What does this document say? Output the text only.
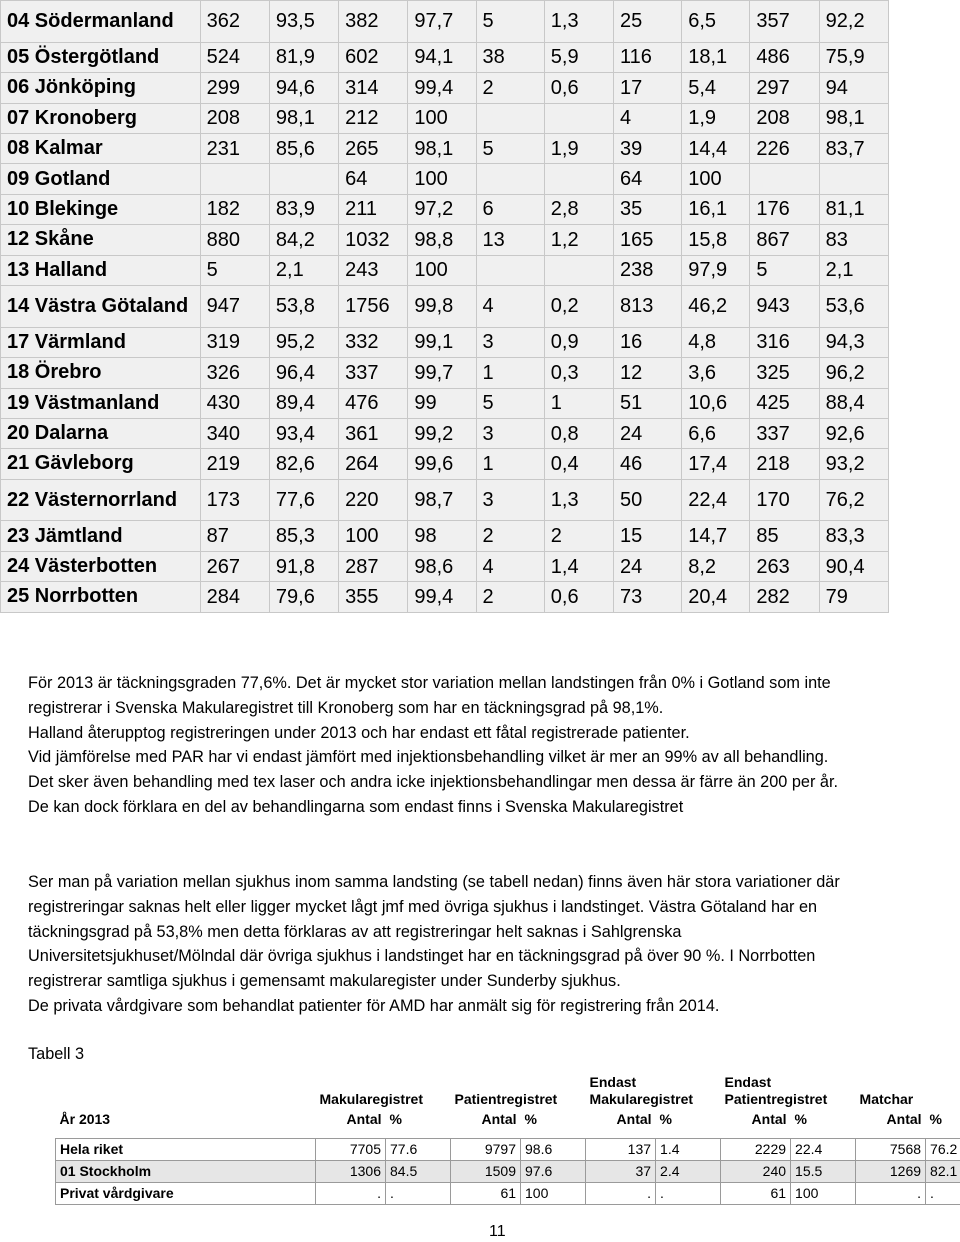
04 Södermanland	362	93,5	382	97,7	5	1,3	25	6,5	357	92,2
05 Östergötland	524	81,9	602	94,1	38	5,9	116	18,1	486	75,9
06 Jönköping	299	94,6	314	99,4	2	0,6	17	5,4	297	94
07 Kronoberg	208	98,1	212	100			4	1,9	208	98,1
08 Kalmar	231	85,6	265	98,1	5	1,9	39	14,4	226	83,7
09 Gotland			64	100			64	100		
10 Blekinge	182	83,9	211	97,2	6	2,8	35	16,1	176	81,1
12 Skåne	880	84,2	1032	98,8	13	1,2	165	15,8	867	83
13 Halland	5	2,1	243	100			238	97,9	5	2,1
14 Västra Götaland	947	53,8	1756	99,8	4	0,2	813	46,2	943	53,6
17 Värmland	319	95,2	332	99,1	3	0,9	16	4,8	316	94,3
18 Örebro	326	96,4	337	99,7	1	0,3	12	3,6	325	96,2
19 Västmanland	430	89,4	476	99	5	1	51	10,6	425	88,4
20 Dalarna	340	93,4	361	99,2	3	0,8	24	6,6	337	92,6
21 Gävleborg	219	82,6	264	99,6	1	0,4	46	17,4	218	93,2
22 Västernorrland	173	77,6	220	98,7	3	1,3	50	22,4	170	76,2
23 Jämtland	87	85,3	100	98	2	2	15	14,7	85	83,3
24 Västerbotten	267	91,8	287	98,6	4	1,4	24	8,2	263	90,4
25 Norrbotten	284	79,6	355	99,4	2	0,6	73	20,4	282	79
För 2013 är täckningsgraden 77,6%. Det är mycket stor variation mellan landstingen från 0% i Gotland som inte
registrerar i Svenska Makularegistret till Kronoberg som har en täckningsgrad på 98,1%.
Halland återupptog registreringen under 2013 och har endast ett fåtal registrerade patienter.
Vid jämförelse med PAR har vi endast jämfört med injektionsbehandling vilket är mer an 99% av all behandling.
Det sker även behandling med tex laser och andra icke injektionsbehandlingar men dessa är färre än 200 per år.
De kan dock förklara en del av behandlingarna som endast finns i Svenska Makularegistret
Ser man på variation mellan sjukhus inom samma landsting (se tabell nedan) finns även här stora variationer där
registreringar saknas helt eller ligger mycket lågt jmf med övriga sjukhus i landstinget. Västra Götaland har en
täckningsgrad på 53,8% men detta förklaras av att registreringar helt saknas i Sahlgrenska
Universitetsjukhuset/Mölndal där övriga sjukhus i landstinget har en täckningsgrad på över 90 %. I Norrbotten
registrerar samtliga sjukhus i gemensamt makularegister under Sunderby sjukhus.
De privata vårdgivare som behandlat patienter för AMD har anmält sig för registrering från 2014.
Tabell 3
	Makularegistret		Patientregistret		Endast Makularegistret		Endast Patientregistret		Matchar	
År 2013	Antal	%	Antal	%	Antal	%	Antal	%	Antal	%

Hela riket	7705	77.6	9797	98.6	137	1.4	2229	22.4	7568	76.2
01 Stockholm	1306	84.5	1509	97.6	37	2.4	240	15.5	1269	82.1
Privat vårdgivare	.	.	61	100	.	.	61	100	.	.
11
